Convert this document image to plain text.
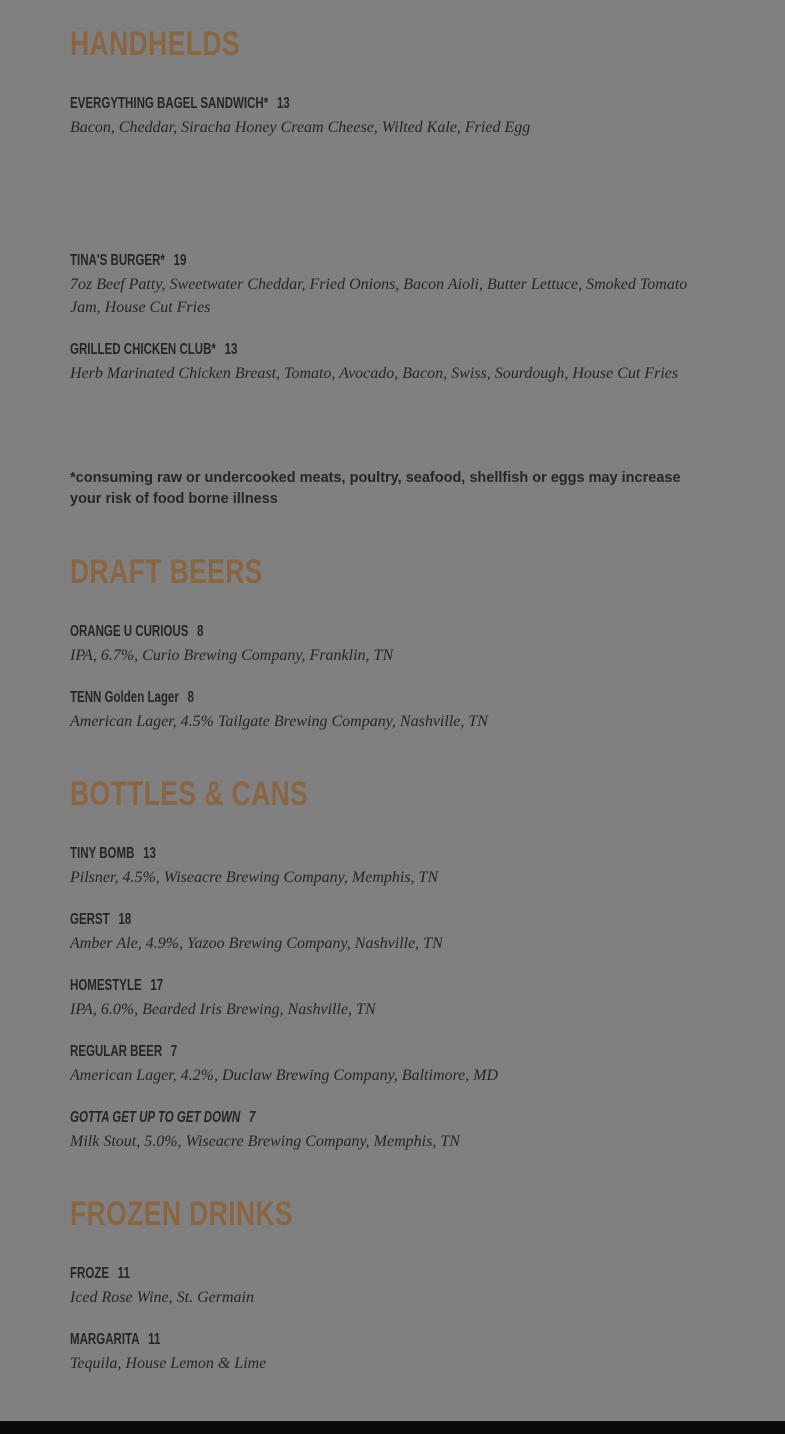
HANDHELDS
EVERGYTHING BAGEL SANDWICH* 13
Bacon, Cheddar, Siracha Honey Cream Cheese, Wilted Kale, Fried Egg
TINA'S BURGER* 19
7oz Beef Patty, Sweetwater Cheddar, Fried Onions, Bacon Aioli, Butter Lettuce, Smoked Tomato Jam, House Cut Fries
GRILLED CHICKEN CLUB* 13
Herb Marinated Chicken Breast, Tomato, Avocado, Bacon, Swiss, Sourdough, House Cut Fries
*consuming raw or undercooked meats, poultry, seafood, shellfish or eggs may increase your risk of food borne illness
DRAFT BEERS
ORANGE U CURIOUS 8
IPA, 6.7%, Curio Brewing Company, Franklin, TN
TENN Golden Lager 8
American Lager, 4.5% Tailgate Brewing Company, Nashville, TN
BOTTLES & CANS
TINY BOMB 13
Pilsner, 4.5%, Wiseacre Brewing Company, Memphis, TN
GERST 18
Amber Ale, 4.9%, Yazoo Brewing Company, Nashville, TN
HOMESTYLE 17
IPA, 6.0%, Bearded Iris Brewing, Nashville, TN
REGULAR BEER 7
American Lager, 4.2%, Duclaw Brewing Company, Baltimore, MD
GOTTA GET UP TO GET DOWN 7
Milk Stout, 5.0%, Wiseacre Brewing Company, Memphis, TN
FROZEN DRINKS
FROZE 11
Iced Rose Wine, St. Germain
MARGARITA 11
Tequila, House Lemon & Lime
